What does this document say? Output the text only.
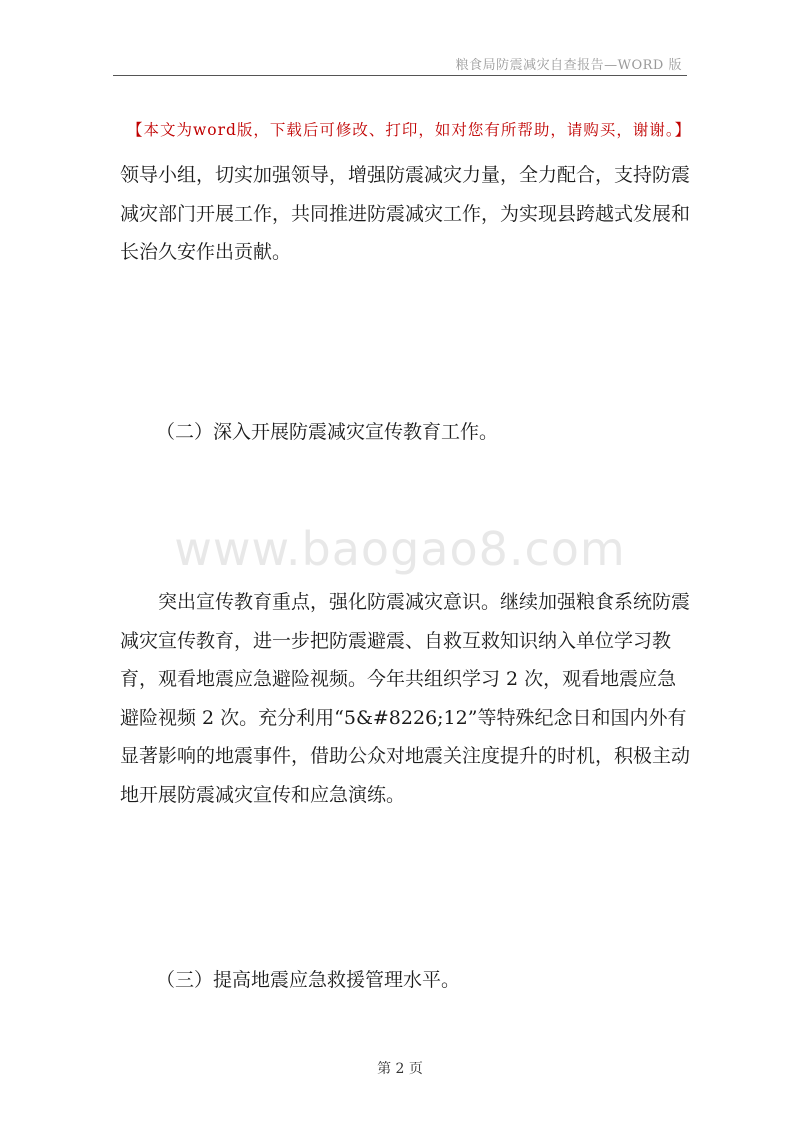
粮食局防震减灾自查报告—WORD 版
【本文为word版，下载后可修改、打印，如对您有所帮助，请购买，谢谢。】
领导小组，切实加强领导，增强防震减灾力量，全力配合，支持防震减灾部门开展工作，共同推进防震减灾工作，为实现县跨越式发展和长治久安作出贡献。
（二）深入开展防震减灾宣传教育工作。
www.baogao8.com
突出宣传教育重点，强化防震减灾意识。继续加强粮食系统防震减灾宣传教育，进一步把防震避震、自救互救知识纳入单位学习教育，观看地震应急避险视频。今年共组织学习 2 次，观看地震应急避险视频 2 次。充分利用“5&#8226;12”等特殊纪念日和国内外有显著影响的地震事件，借助公众对地震关注度提升的时机，积极主动地开展防震减灾宣传和应急演练。
（三）提高地震应急救援管理水平。
第 2 页
